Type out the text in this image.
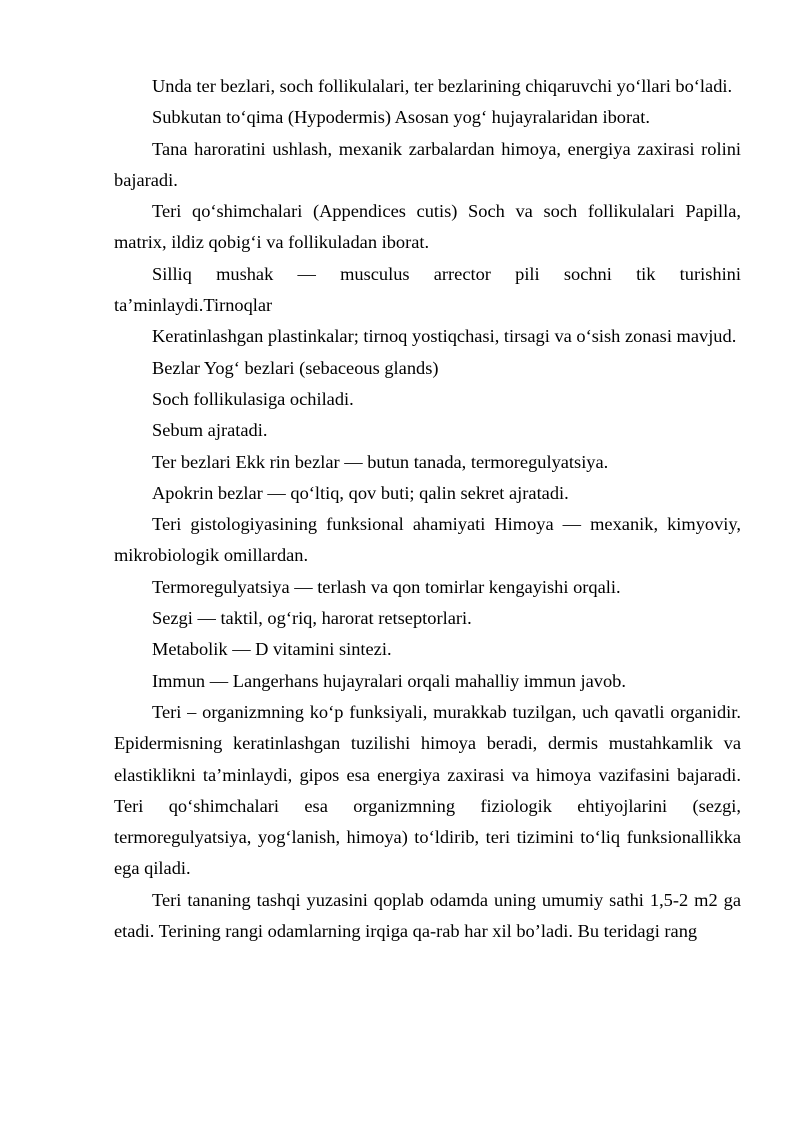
Unda ter bezlari, soch follikulalari, ter bezlarining chiqaruvchi yo‘llari bo‘ladi.

Subkutan to‘qima (Hypodermis) Asosan yog‘ hujayralaridan iborat.

Tana haroratini ushlash, mexanik zarbalardan himoya, energiya zaxirasi rolini bajaradi.

Teri qo‘shimchalari (Appendices cutis) Soch va soch follikulalari Papilla, matrix, ildiz qobig‘i va follikuladan iborat.

Silliq mushak — musculus arrector pili sochni tik turishini ta’minlaydi.Tirnoqlar

Keratinlashgan plastinkalar; tirnoq yostiqchasi, tirsagi va o‘sish zonasi mavjud.

Bezlar Yog‘ bezlari (sebaceous glands)

Soch follikulasiga ochiladi.

Sebum ajratadi.

Ter bezlari Ekk rin bezlar — butun tanada, termoregulyatsiya.

Apokrin bezlar — qo‘ltiq, qov buti; qalin sekret ajratadi.

Teri gistologiyasining funksional ahamiyati Himoya — mexanik, kimyoviy, mikrobiologik omillardan.

Termoregulyatsiya — terlash va qon tomirlar kengayishi orqali.

Sezgi — taktil, og‘riq, harorat retseptorlari.

Metabolik — D vitamini sintezi.

Immun — Langerhans hujayralari orqali mahalliy immun javob.

Teri – organizmning ko‘p funksiyali, murakkab tuzilgan, uch qavatli organidir. Epidermisning keratinlashgan tuzilishi himoya beradi, dermis mustahkamlik va elastiklikni ta’minlaydi, gipos esa energiya zaxirasi va himoya vazifasini bajaradi. Teri qo‘shimchalari esa organizmning fiziologik ehtiyojlarini (sezgi, termoregulyatsiya, yog‘lanish, himoya) to‘ldirib, teri tizimini to‘liq funksionallikka ega qiladi.

Teri tananing tashqi yuzasini qoplab odamda uning umumiy sathi 1,5-2 m2 ga etadi. Terining rangi odamlarning irqiga qa-rab har xil bo’ladi. Bu teridagi rang
